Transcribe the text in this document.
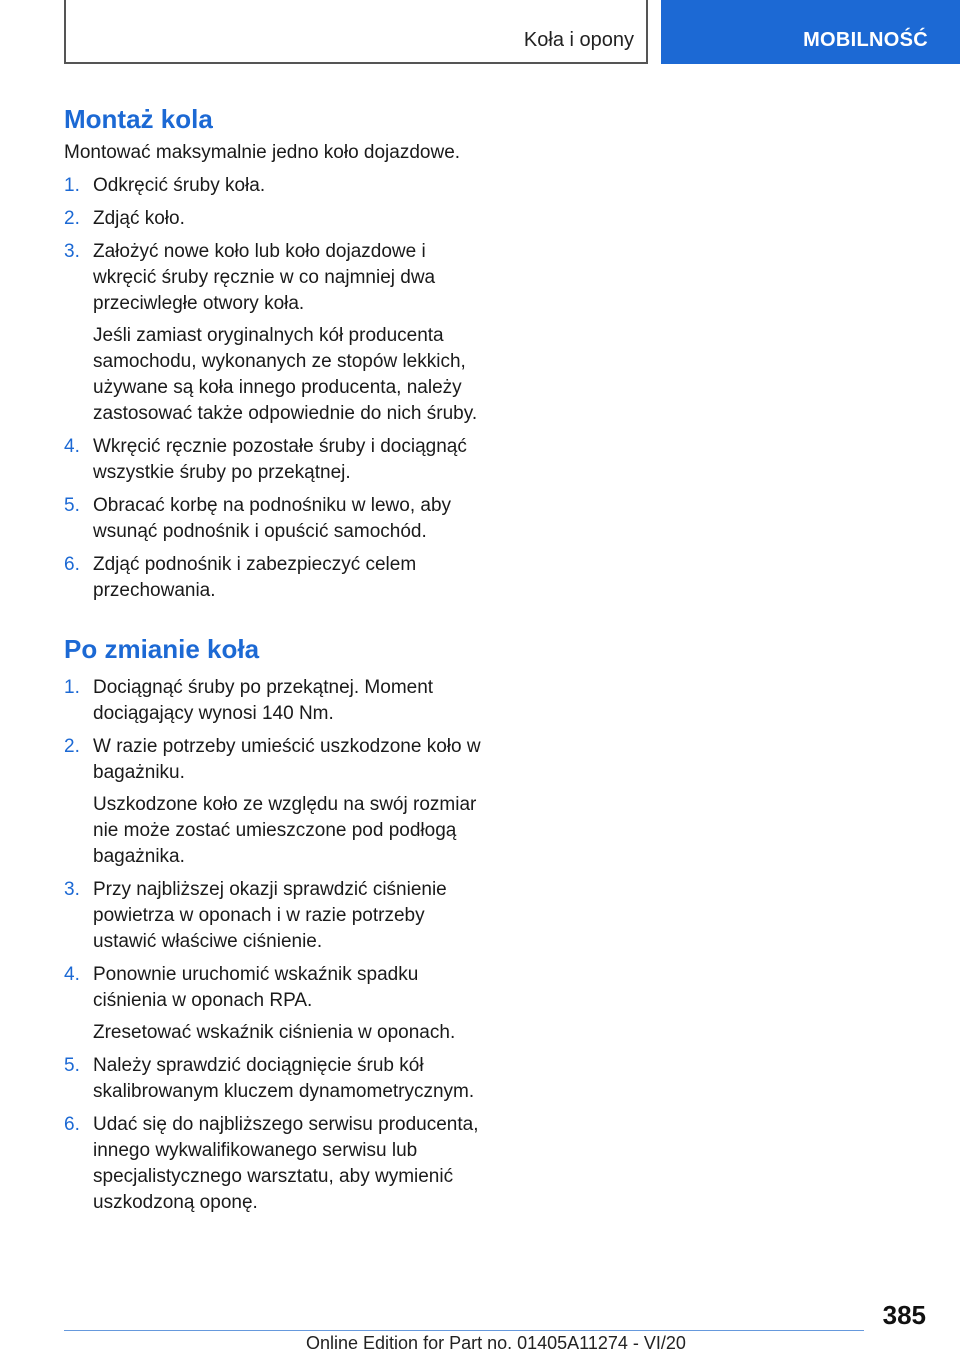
Koła i opony	MOBILNOŚĆ
Montaż kola

Montować maksymalnie jedno koło dojazdowe.

1. Odkręcić śruby koła.
2. Zdjąć koło.
3. Założyć nowe koło lub koło dojazdowe i wkręcić śruby ręcznie w co najmniej dwa przeciwległe otwory koła.

Jeśli zamiast oryginalnych kół producenta samochodu, wykonanych ze stopów lekkich, używane są koła innego producenta, należy zastosować także odpowiednie do nich śruby.

4. Wkręcić ręcznie pozostałe śruby i dociągnąć wszystkie śruby po przekątnej.
5. Obracać korbę na podnośniku w lewo, aby wsunąć podnośnik i opuścić samochód.
6. Zdjąć podnośnik i zabezpieczyć celem przechowania.
Po zmianie koła
1. Dociągnąć śruby po przekątnej. Moment dociągający wynosi 140 Nm.
2. W razie potrzeby umieścić uszkodzone koło w bagażniku.

Uszkodzone koło ze względu na swój rozmiar nie może zostać umieszczone pod podłogą bagażnika.

3. Przy najbliższej okazji sprawdzić ciśnienie powietrza w oponach i w razie potrzeby ustawić właściwe ciśnienie.
4. Ponownie uruchomić wskaźnik spadku ciśnienia w oponach RPA.

Zresetować wskaźnik ciśnienia w oponach.

5. Należy sprawdzić dociągnięcie śrub kół skalibrowanym kluczem dynamometrycznym.
6. Udać się do najbliższego serwisu producenta, innego wykwalifikowanego serwisu lub specjalistycznego warsztatu, aby wymienić uszkodzoną oponę.
385
Online Edition for Part no. 01405A11274 - VI/20
